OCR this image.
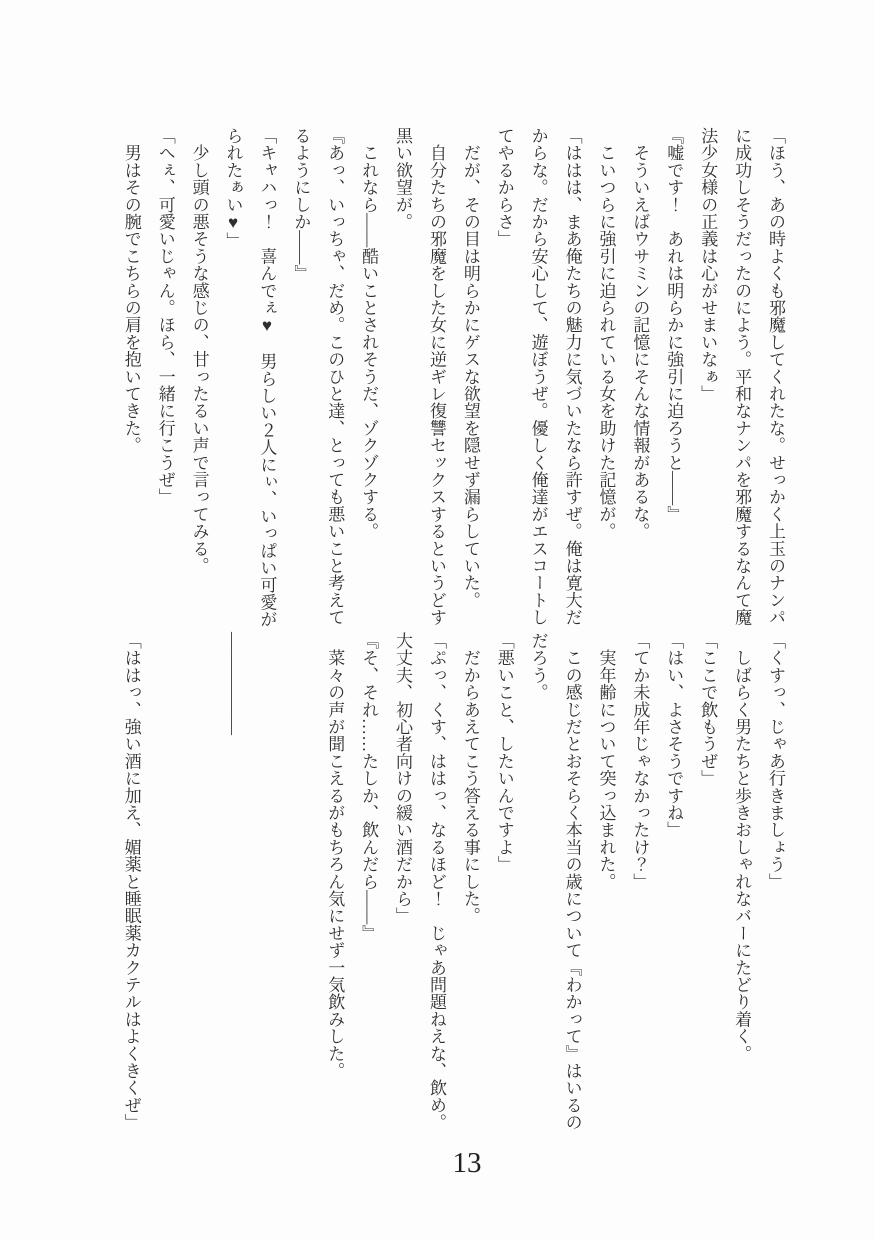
「ほう、あの時よくも邪魔してくれたな。せっかく上玉のナンパ

に成功しそうだったのによう。平和なナンパを邪魔するなんて魔

法少女様の正義は心がせまいなぁ」

『嘘です！　あれは明らかに強引に迫ろうと――』

　そういえばウサミンの記憶にそんな情報があるな。

　こいつらに強引に迫られている女を助けた記憶が。

「ははは、まあ俺たちの魅力に気づいたなら許すぜ。俺は寛大だ

からな。だから安心して、遊ぼうぜ。優しく俺達がエスコートし

てやるからさ」

　だが、その目は明らかにゲスな欲望を隠せず漏らしていた。

　自分たちの邪魔をした女に逆ギレ復讐セックスするというどす

黒い欲望が。

　これなら――酷いことされそうだ、ゾクゾクする。

『あっ、いっちゃ、だめ。このひと達、とっても悪いこと考えて

るようにしか――』

「キャハっ！　喜んでぇ♥　男らしい２人にぃ、いっぱい可愛が

られたぁい♥」

　少し頭の悪そうな感じの、甘ったるい声で言ってみる。

「へぇ、可愛いじゃん。ほら、一緒に行こうぜ」

　男はその腕でこちらの肩を抱いてきた。

「くすっ、じゃあ行きましょう」

　しばらく男たちと歩きおしゃれなバーにたどり着く。

「ここで飲もうぜ」

「はい、よさそうですね」

「てか未成年じゃなかったけ？」

　実年齢について突っ込まれた。

　この感じだとおそらく本当の歳について『わかって』はいるの

だろう。

「悪いこと、したいんですよ」

　だからあえてこう答える事にした。

「ぷっ、くす、ははっ、なるほど！　じゃあ問題ねえな、飲め。

大丈夫、初心者向けの緩い酒だから」

『そ、それ……たしか、飲んだら――』

　菜々の声が聞こえるがもちろん気にせず一気飲みした。

​

​

――――――

​

​

「ははっ、強い酒に加え、媚薬と睡眠薬カクテルはよくきくぜ」

13
